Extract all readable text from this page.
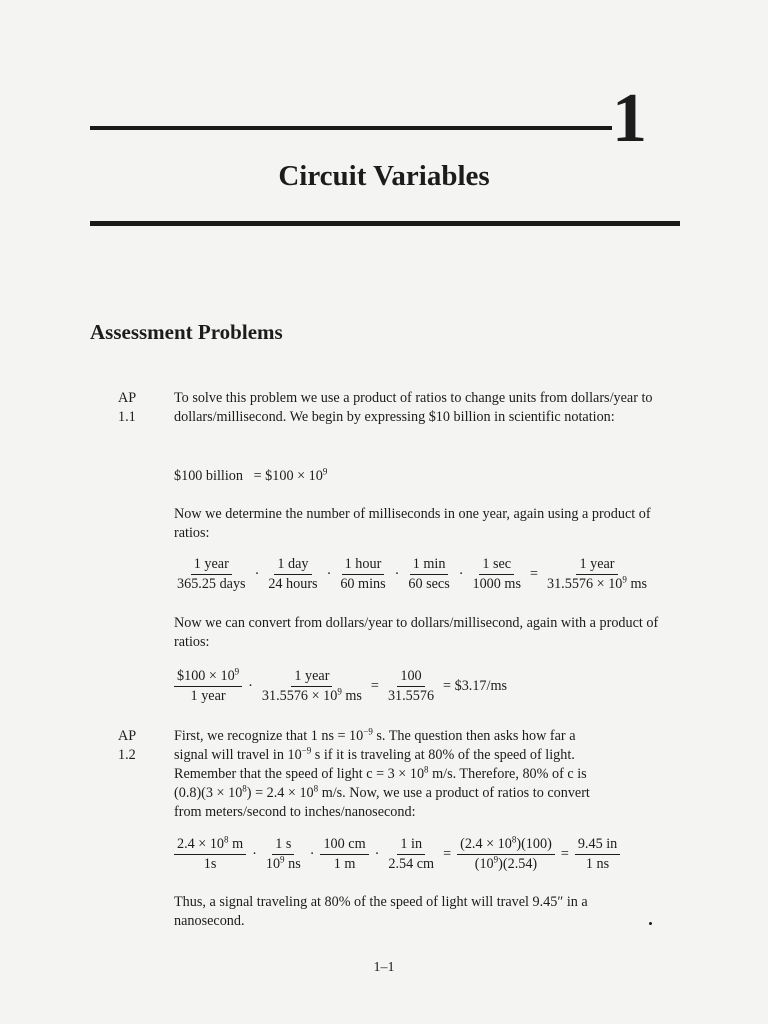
1
Circuit Variables
Assessment Problems
AP 1.1

To solve this problem we use a product of ratios to change units from dollars/year to dollars/millisecond. We begin by expressing $10 billion in scientific notation:

$100 billion = $100 × $10^9$

Now we determine the number of milliseconds in one year, again using a product of ratios:

$\frac{\text{1 year}}{\text{365.25 days}} \cdot \frac{\text{1 day}}{\text{24 hours}} \cdot \frac{\text{1 hour}}{60 \min s} \cdot \frac{1 \min}{60 \sec s} \cdot \frac{1 \sec}{1000 ms} = \frac{\text{1 year}}{31.5576 \times 10^9 ms}$

Now we can convert from dollars/year to dollars/millisecond, again with a product of ratios:

$\frac{\$100 \times 10^9}{\text{1 year}} \cdot \frac{\text{1 year}}{31.5576 \times 10^9 ms} = \frac{100}{31.5576}$ = $3.17/ms
AP 1.2
First, we recognize that 1 ns = $10^{-9}$ s. The question then asks how far a
signal will travel in $10^{-9}$ s if it is traveling at 80% of the speed of light.
Remember that the speed of light $c = 3 \times 10^8$ m/s. Therefore, 80% of c is
$(0.8)(3 \times 10^8) = 2.4 \times 10^8$ m/s. Now, we use a product of ratios to convert
from meters/second to inches/nanosecond:
$\frac{2.4 \times 10^8 m}{1s} \cdot \frac{1 s}{10^9 ns} \cdot \frac{100 cm}{1 m} \cdot \frac{1 in}{2.54 cm} = \frac{(2.4 \times 10^8)(100)}{(10^9)(2.54)} = \frac{9.45 in}{1 ns}$
Thus, a signal traveling at 80% of the speed of light will travel 9.45″ in a
nanosecond.
1–1
